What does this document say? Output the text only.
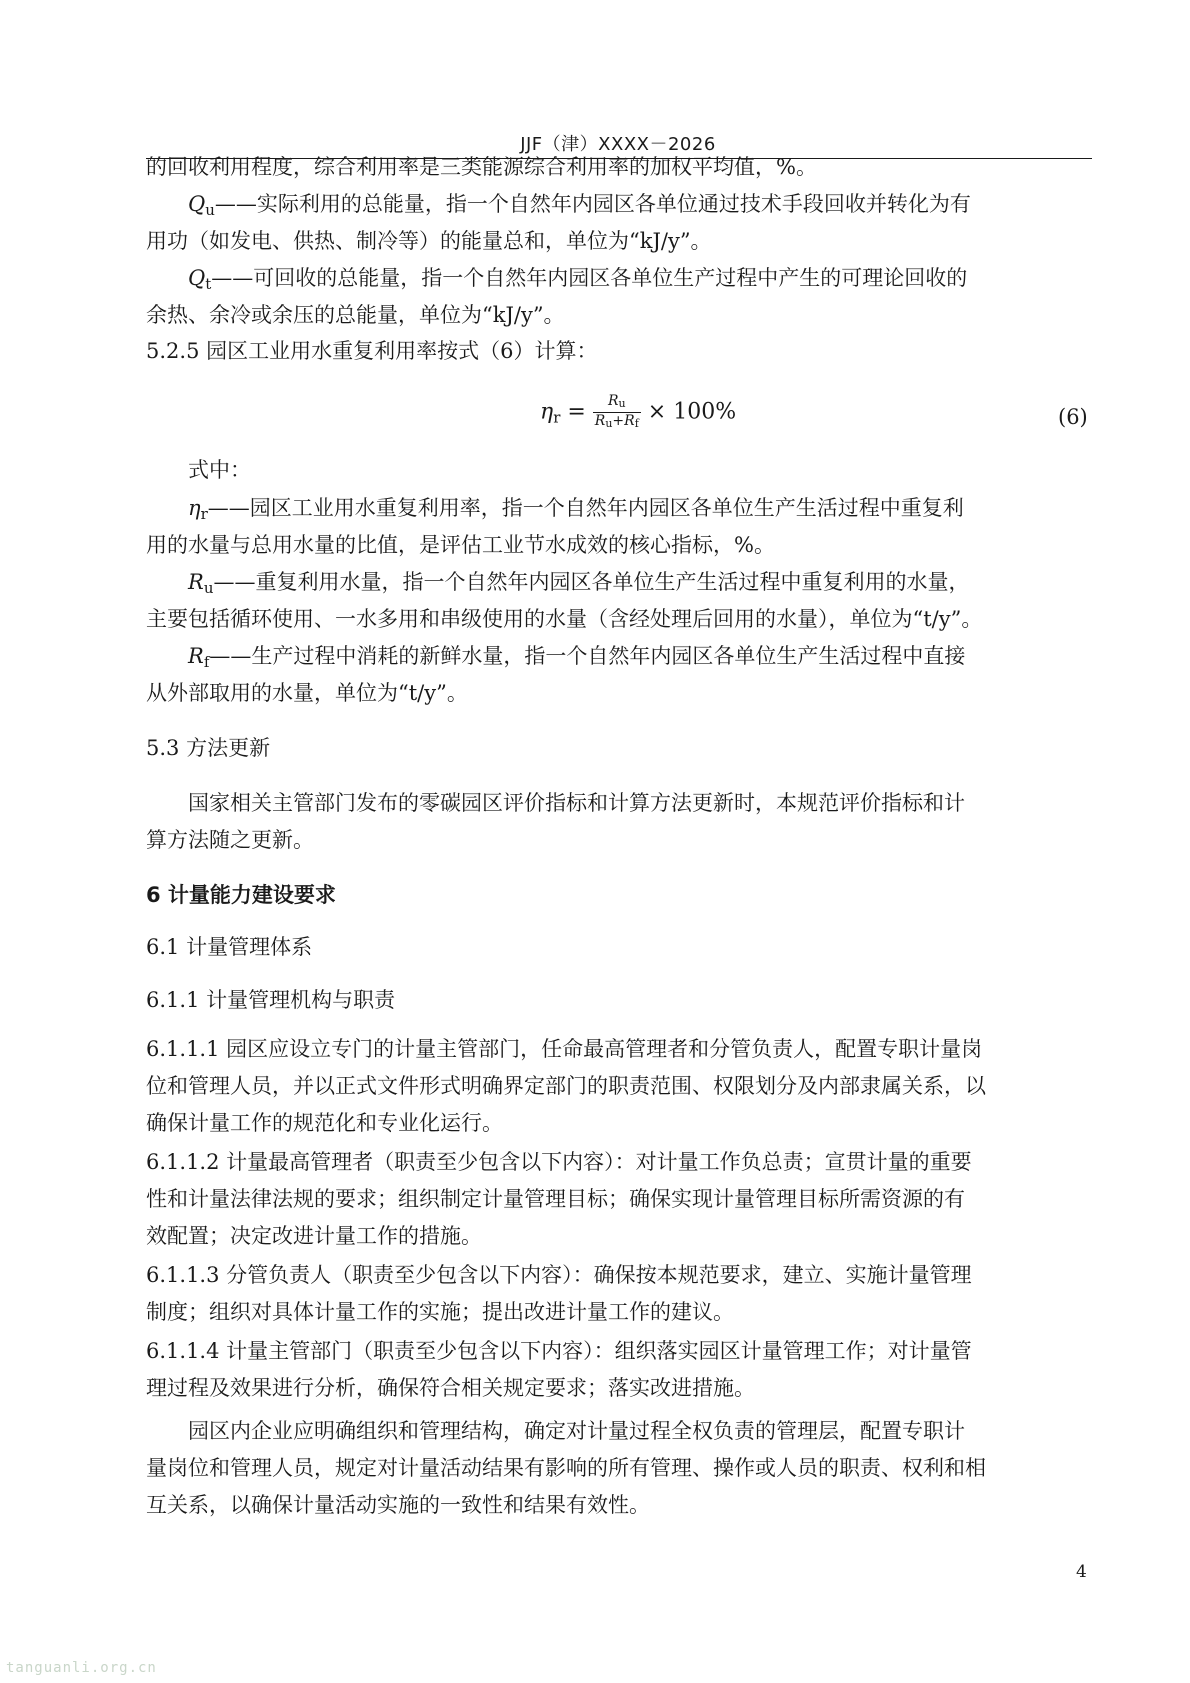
JJF（津）XXXX－2026
的回收利用程度，综合利用率是三类能源综合利用率的加权平均值，%。
$Q_u——$实际利用的总能量，指一个自然年内园区各单位通过技术手段回收并转化为有
用功（如发电、供热、制冷等）的能量总和，单位为“kJ/y”。
$Q_t——$可回收的总能量，指一个自然年内园区各单位生产过程中产生的可理论回收的
余热、余冷或余压的总能量，单位为“kJ/y”。
5.2.5 园区工业用水重复利用率按式（6）计算：
$\eta_r = \frac{R_u}{R_u+R_f} \times 100\%$	(6)
式中：
$\eta_r——$园区工业用水重复利用率，指一个自然年内园区各单位生产生活过程中重复利
用的水量与总用水量的比值，是评估工业节水成效的核心指标，%。
$R_u——$重复利用水量，指一个自然年内园区各单位生产生活过程中重复利用的水量，
主要包括循环使用、一水多用和串级使用的水量（含经处理后回用的水量），单位为“t/y”。
$R_f——$生产过程中消耗的新鲜水量，指一个自然年内园区各单位生产生活过程中直接
从外部取用的水量，单位为“t/y”。
5.3 方法更新
国家相关主管部门发布的零碳园区评价指标和计算方法更新时，本规范评价指标和计
算方法随之更新。
6 计量能力建设要求
6.1 计量管理体系
6.1.1 计量管理机构与职责
6.1.1.1 园区应设立专门的计量主管部门，任命最高管理者和分管负责人，配置专职计量岗
位和管理人员，并以正式文件形式明确界定部门的职责范围、权限划分及内部隶属关系，以
确保计量工作的规范化和专业化运行。
6.1.1.2 计量最高管理者（职责至少包含以下内容）：对计量工作负总责；宣贯计量的重要
性和计量法律法规的要求；组织制定计量管理目标；确保实现计量管理目标所需资源的有
效配置；决定改进计量工作的措施。
6.1.1.3 分管负责人（职责至少包含以下内容）：确保按本规范要求，建立、实施计量管理
制度；组织对具体计量工作的实施；提出改进计量工作的建议。
6.1.1.4 计量主管部门（职责至少包含以下内容）：组织落实园区计量管理工作；对计量管
理过程及效果进行分析，确保符合相关规定要求；落实改进措施。
园区内企业应明确组织和管理结构，确定对计量过程全权负责的管理层，配置专职计
量岗位和管理人员，规定对计量活动结果有影响的所有管理、操作或人员的职责、权利和相
互关系，以确保计量活动实施的一致性和结果有效性。
4
tanguanli.org.cn
